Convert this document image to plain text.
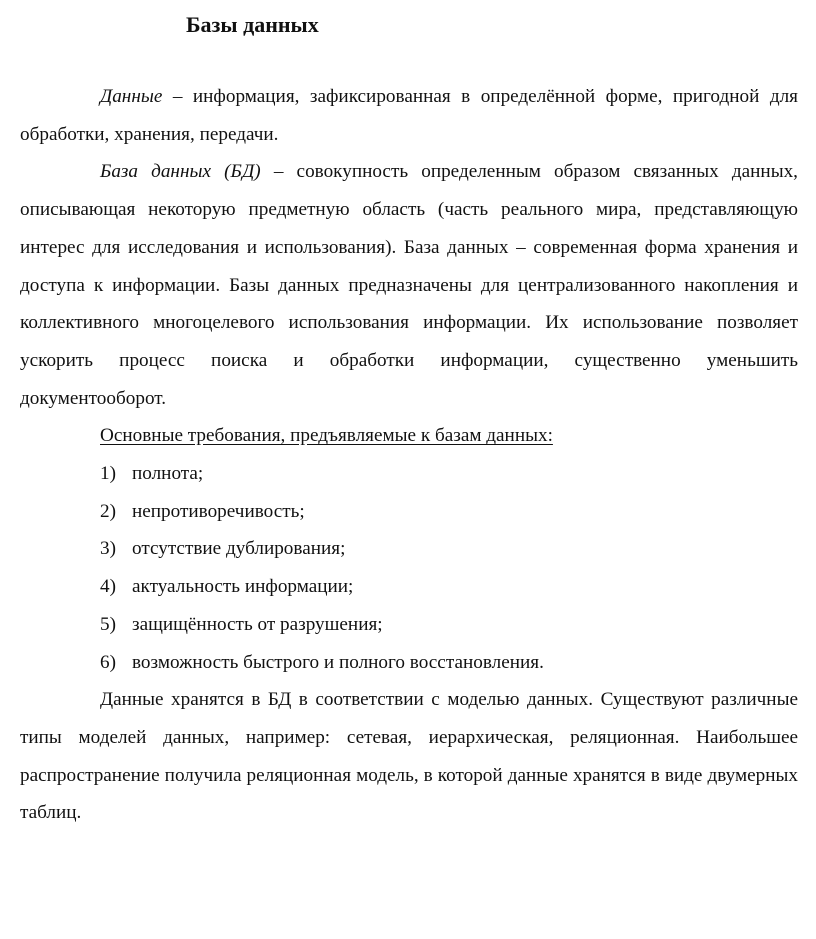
Базы данных

Данные – информация, зафиксированная в определённой форме, пригодной для обработки, хранения, передачи.

База данных (БД) – совокупность определенным образом связанных данных, описывающая некоторую предметную область (часть реального мира, представляющую интерес для исследования и использования). База данных – современная форма хранения и доступа к информации. Базы данных предназначены для централизованного накопления и коллективного многоцелевого использования информации. Их использование позволяет ускорить процесс поиска и обработки информации, существенно уменьшить документооборот.

Основные требования, предъявляемые к базам данных:

1) полнота;
2) непротиворечивость;
3) отсутствие дублирования;
4) актуальность информации;
5) защищённость от разрушения;
6) возможность быстрого и полного восстановления.

Данные хранятся в БД в соответствии с моделью данных. Существуют различные типы моделей данных, например: сетевая, иерархическая, реляционная. Наибольшее распространение получила реляционная модель, в которой данные хранятся в виде двумерных таблиц.
